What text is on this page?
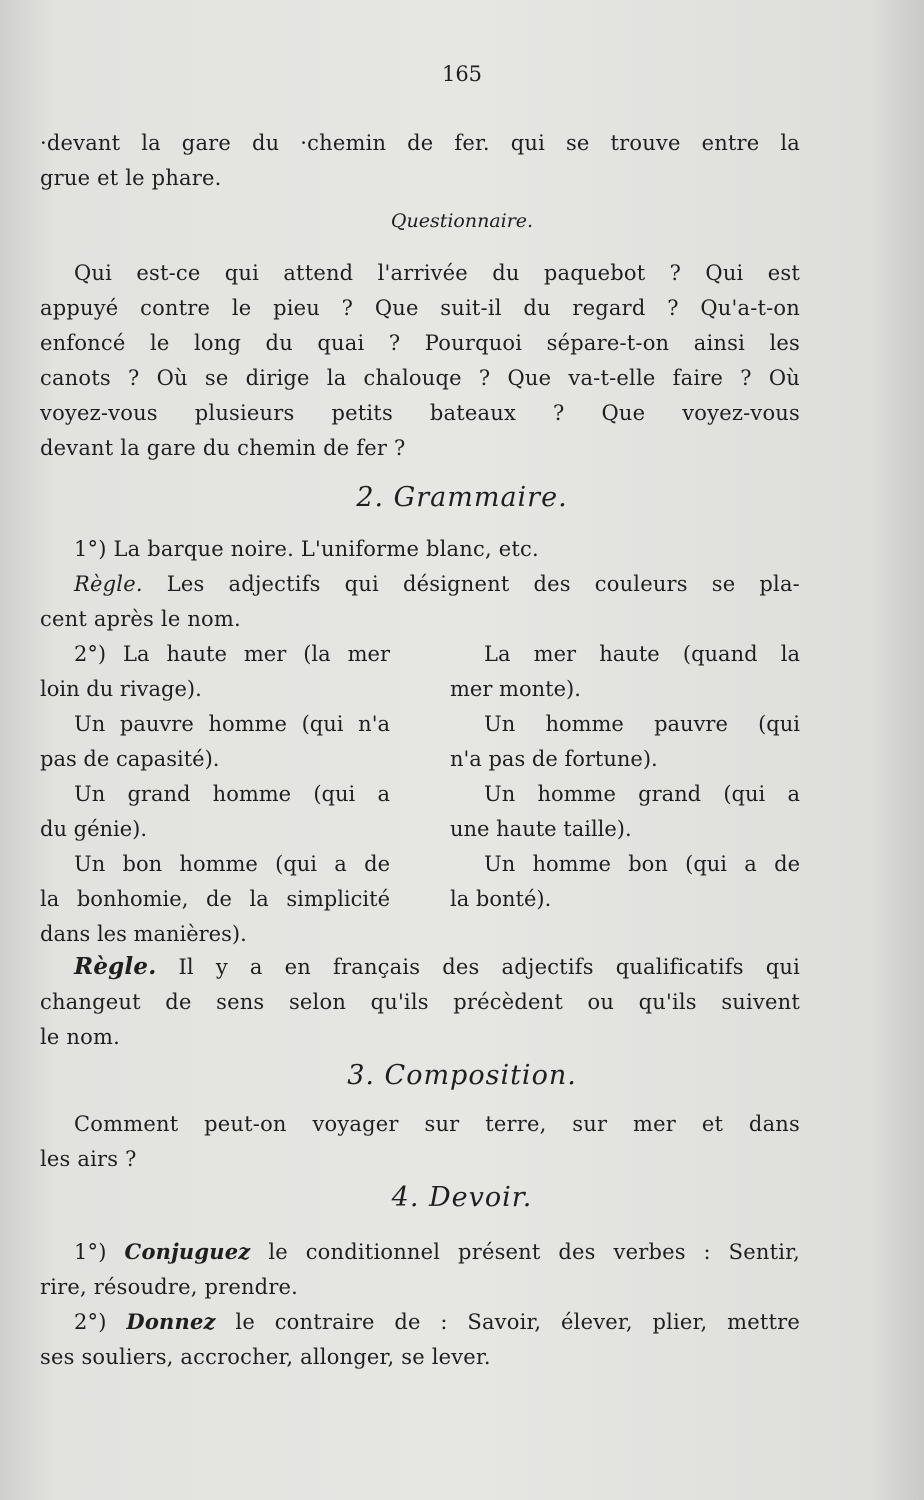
165
·devant la gare du ·chemin de fer. qui se trouve entre la
grue et le phare.
Questionnaire.
Qui est-ce qui attend l'arrivée du paquebot ? Qui est
appuyé contre le pieu ? Que suit-il du regard ? Qu'a-t-on
enfoncé le long du quai ? Pourquoi sépare-t-on ainsi les
canots ? Où se dirige la chalouqe ? Que va-t-elle faire ? Où
voyez-vous plusieurs petits bateaux ? Que voyez-vous
devant la gare du chemin de fer ?
2. Grammaire.
1°) La barque noire. L'uniforme blanc, etc.
Règle. Les adjectifs qui désignent des couleurs se pla-
cent après le nom.
2°) La haute mer (la mer
loin du rivage).
Un pauvre homme (qui n'a
pas de capasité).
Un grand homme (qui a
du génie).
Un bon homme (qui a de
la bonhomie, de la simplicité
dans les manières).
La mer haute (quand la
mer monte).
Un homme pauvre (qui
n'a pas de fortune).
Un homme grand (qui a
une haute taille).
Un homme bon (qui a de
la bonté).
Règle. Il y a en français des adjectifs qualificatifs qui
changeut de sens selon qu'ils précèdent ou qu'ils suivent
le nom.
3. Composition.
Comment peut-on voyager sur terre, sur mer et dans
les airs ?
4. Devoir.
1°) Conjuguez le conditionnel présent des verbes : Sentir,
rire, résoudre, prendre.
2°) Donnez le contraire de : Savoir, élever, plier, mettre
ses souliers, accrocher, allonger, se lever.
